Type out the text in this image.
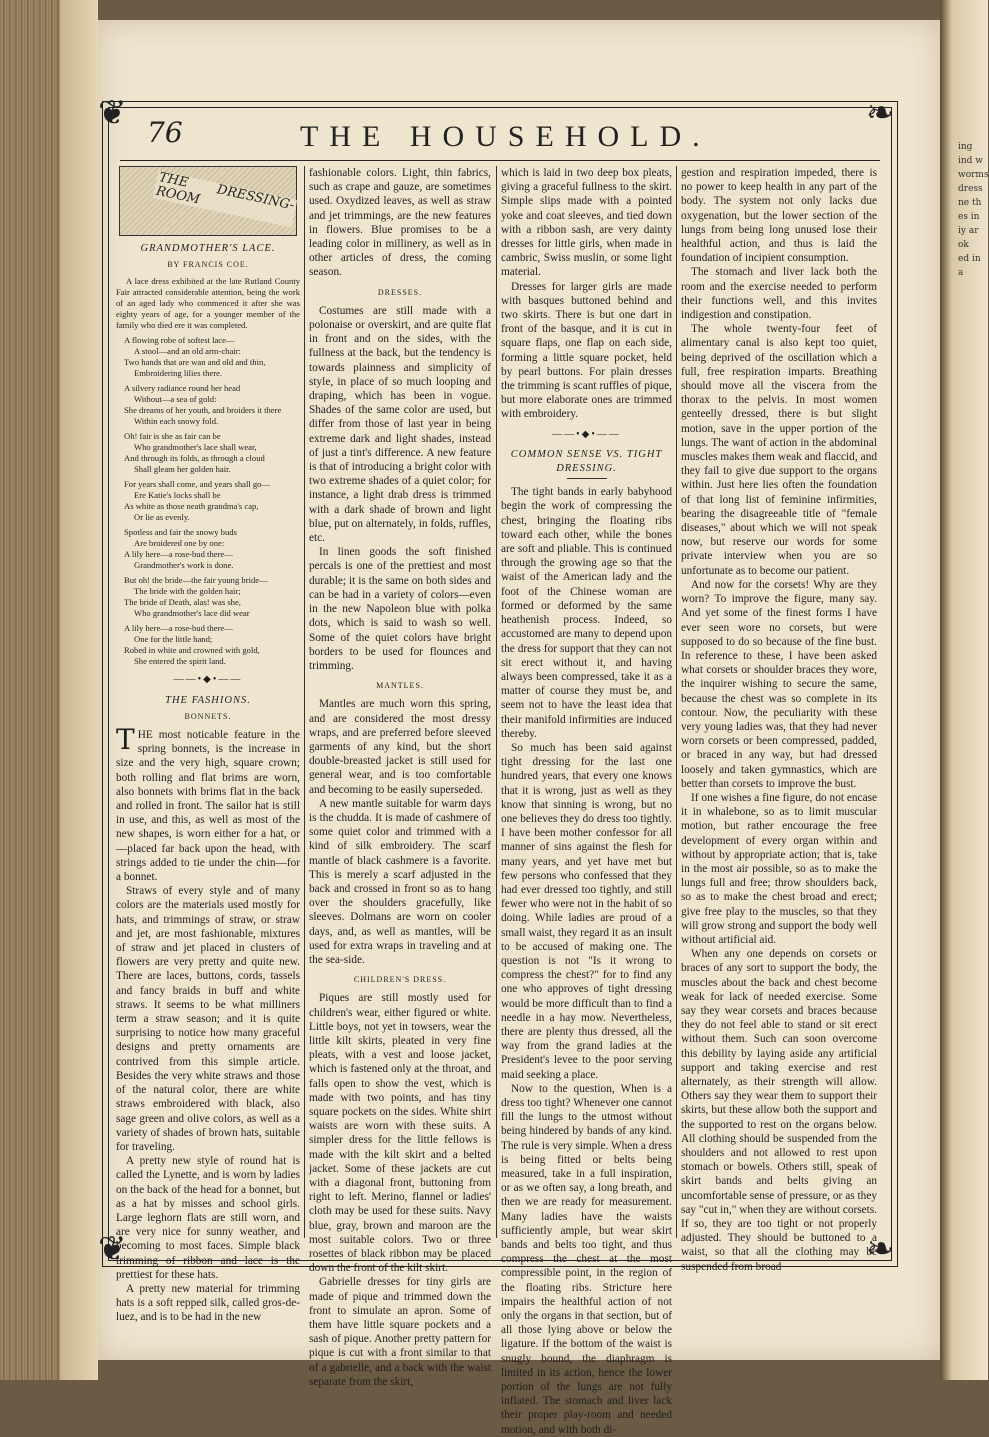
ing
ind w
worms
dress
ne th
es in
iy ar
ok
ed in
a
❦	❧
❦	❧
76	THE HOUSEHOLD.
THE DRESSING-ROOM
GRANDMOTHER'S LACE.
BY FRANCIS COE.

A lace dress exhibited at the late Rutland County Fair attracted considerable attention, being the work of an aged lady who commenced it after she was eighty years of age, for a younger member of the family who died ere it was completed.

A flowing robe of softest lace—
A stool—and an old arm-chair:
Two hands that are wan and old and thin,
Embroidering lilies there.
A silvery radiance round her head
Without—a sea of gold:
She dreams of her youth, and broiders it there
Within each snowy fold.
Oh! fair is she as fair can be
Who grandmother's lace shall wear,
And through its folds, as through a cloud
Shall gleam her golden hair.
For years shall come, and years shall go—
Ere Katie's locks shall be
As white as those neath grandma's cap,
Or lie as evenly.
Spotless and fair the snowy buds
Are broidered one by one:
A lily here—a rose-bud there—
Grandmother's work is done.
But oh! the bride—the fair young bride—
The bride with the golden hair;
The bride of Death, alas! was she,
Who grandmother's lace did wear
A lily here—a rose-bud there—
One for the little hand;
Robed in white and crowned with gold,
She entered the spirit land.
——•◆•——
THE FASHIONS.
BONNETS.

THE most noticable feature in the spring bonnets, is the increase in size and the very high, square crown; both rolling and flat brims are worn, also bonnets with brims flat in the back and rolled in front. The sailor hat is still in use, and this, as well as most of the new shapes, is worn either for a hat, or—placed far back upon the head, with strings added to tie under the chin—for a bonnet.

Straws of every style and of many colors are the materials used mostly for hats, and trimmings of straw, or straw and jet, are most fashionable, mixtures of straw and jet placed in clusters of flowers are very pretty and quite new. There are laces, buttons, cords, tassels and fancy braids in buff and white straws. It seems to be what milliners term a straw season; and it is quite surprising to notice how many graceful designs and pretty ornaments are contrived from this simple article. Besides the very white straws and those of the natural color, there are white straws embroidered with black, also sage green and olive colors, as well as a variety of shades of brown hats, suitable for traveling.

A pretty new style of round hat is called the Lynette, and is worn by ladies on the back of the head for a bonnet, but as a hat by misses and school girls. Large leghorn flats are still worn, and are very nice for sunny weather, and becoming to most faces. Simple black trimming of ribbon and lace is the prettiest for these hats.

A pretty new material for trimming hats is a soft repped silk, called gros-de-luez, and is to be had in the new

fashionable colors. Light, thin fabrics, such as crape and gauze, are sometimes used. Oxydized leaves, as well as straw and jet trimmings, are the new features in flowers. Blue promises to be a leading color in millinery, as well as in other articles of dress, the coming season.

DRESSES.

Costumes are still made with a polonaise or overskirt, and are quite flat in front and on the sides, with the fullness at the back, but the tendency is towards plainness and simplicity of style, in place of so much looping and draping, which has been in vogue. Shades of the same color are used, but differ from those of last year in being extreme dark and light shades, instead of just a tint's difference. A new feature is that of introducing a bright color with two extreme shades of a quiet color; for instance, a light drab dress is trimmed with a dark shade of brown and light blue, put on alternately, in folds, ruffles, etc.

In linen goods the soft finished percals is one of the prettiest and most durable; it is the same on both sides and can be had in a variety of colors—even in the new Napoleon blue with polka dots, which is said to wash so well. Some of the quiet colors have bright borders to be used for flounces and trimming.

MANTLES.

Mantles are much worn this spring, and are considered the most dressy wraps, and are preferred before sleeved garments of any kind, but the short double-breasted jacket is still used for general wear, and is too comfortable and becoming to be easily superseded.

A new mantle suitable for warm days is the chudda. It is made of cashmere of some quiet color and trimmed with a kind of silk embroidery. The scarf mantle of black cashmere is a favorite. This is merely a scarf adjusted in the back and crossed in front so as to hang over the shoulders gracefully, like sleeves. Dolmans are worn on cooler days, and, as well as mantles, will be used for extra wraps in traveling and at the sea-side.

CHILDREN'S DRESS.

Piques are still mostly used for children's wear, either figured or white. Little boys, not yet in towsers, wear the little kilt skirts, pleated in very fine pleats, with a vest and loose jacket, which is fastened only at the throat, and falls open to show the vest, which is made with two points, and has tiny square pockets on the sides. White shirt waists are worn with these suits. A simpler dress for the little fellows is made with the kilt skirt and a belted jacket. Some of these jackets are cut with a diagonal front, buttoning from right to left. Merino, flannel or ladies' cloth may be used for these suits. Navy blue, gray, brown and maroon are the most suitable colors. Two or three rosettes of black ribbon may be placed down the front of the kilt skirt.

Gabrielle dresses for tiny girls are made of pique and trimmed down the front to simulate an apron. Some of them have little square pockets and a sash of pique. Another pretty pattern for pique is cut with a front similar to that of a gabrielle, and a back with the waist separate from the skirt,

which is laid in two deep box pleats, giving a graceful fullness to the skirt. Simple slips made with a pointed yoke and coat sleeves, and tied down with a ribbon sash, are very dainty dresses for little girls, when made in cambric, Swiss muslin, or some light material.

Dresses for larger girls are made with basques buttoned behind and two skirts. There is but one dart in front of the basque, and it is cut in square flaps, one flap on each side, forming a little square pocket, held by pearl buttons. For plain dresses the trimming is scant ruffles of pique, but more elaborate ones are trimmed with embroidery.

——•◆•——
COMMON SENSE VS. TIGHT DRESSING.

The tight bands in early babyhood begin the work of compressing the chest, bringing the floating ribs toward each other, while the bones are soft and pliable. This is continued through the growing age so that the waist of the American lady and the foot of the Chinese woman are formed or deformed by the same heathenish process. Indeed, so accustomed are many to depend upon the dress for support that they can not sit erect without it, and having always been compressed, take it as a matter of course they must be, and seem not to have the least idea that their manifold infirmities are induced thereby.

So much has been said against tight dressing for the last one hundred years, that every one knows that it is wrong, just as well as they know that sinning is wrong, but no one believes they do dress too tightly. I have been mother confessor for all manner of sins against the flesh for many years, and yet have met but few persons who confessed that they had ever dressed too tightly, and still fewer who were not in the habit of so doing. While ladies are proud of a small waist, they regard it as an insult to be accused of making one. The question is not "Is it wrong to compress the chest?" for to find any one who approves of tight dressing would be more difficult than to find a needle in a hay mow. Nevertheless, there are plenty thus dressed, all the way from the grand ladies at the President's levee to the poor serving maid seeking a place.

Now to the question, When is a dress too tight? Whenever one cannot fill the lungs to the utmost without being hindered by bands of any kind. The rule is very simple. When a dress is being fitted or belts being measured, take in a full inspiration, or as we often say, a long breath, and then we are ready for measurement. Many ladies have the waists sufficiently ample, but wear skirt bands and belts too tight, and thus compress the chest at the most compressible point, in the region of the floating ribs. Stricture here impairs the healthful action of not only the organs in that section, but of all those lying above or below the ligature. If the bottom of the waist is snugly bound, the diaphragm is limited in its action, hence the lower portion of the lungs are not fully inflated. The stomach and liver lack their proper play-room and needed motion, and with both di-

gestion and respiration impeded, there is no power to keep health in any part of the body. The system not only lacks due oxygenation, but the lower section of the lungs from being long unused lose their healthful action, and thus is laid the foundation of incipient consumption.

The stomach and liver lack both the room and the exercise needed to perform their functions well, and this invites indigestion and constipation.

The whole twenty-four feet of alimentary canal is also kept too quiet, being deprived of the oscillation which a full, free respiration imparts. Breathing should move all the viscera from the thorax to the pelvis. In most women genteelly dressed, there is but slight motion, save in the upper portion of the lungs. The want of action in the abdominal muscles makes them weak and flaccid, and they fail to give due support to the organs within. Just here lies often the foundation of that long list of feminine infirmities, bearing the disagreeable title of "female diseases," about which we will not speak now, but reserve our words for some private interview when you are so unfortunate as to become our patient.

And now for the corsets! Why are they worn? To improve the figure, many say. And yet some of the finest forms I have ever seen wore no corsets, but were supposed to do so because of the fine bust. In reference to these, I have been asked what corsets or shoulder braces they wore, the inquirer wishing to secure the same, because the chest was so complete in its contour. Now, the peculiarity with these very young ladies was, that they had never worn corsets or been compressed, padded, or braced in any way, but had dressed loosely and taken gymnastics, which are better than corsets to improve the bust.

If one wishes a fine figure, do not encase it in whalebone, so as to limit muscular motion, but rather encourage the free development of every organ within and without by appropriate action; that is, take in the most air possible, so as to make the lungs full and free; throw shoulders back, so as to make the chest broad and erect; give free play to the muscles, so that they will grow strong and support the body well without artificial aid.

When any one depends on corsets or braces of any sort to support the body, the muscles about the back and chest become weak for lack of needed exercise. Some say they wear corsets and braces because they do not feel able to stand or sit erect without them. Such can soon overcome this debility by laying aside any artificial support and taking exercise and rest alternately, as their strength will allow. Others say they wear them to support their skirts, but these allow both the support and the supported to rest on the organs below. All clothing should be suspended from the shoulders and not allowed to rest upon stomach or bowels. Others still, speak of skirt bands and belts giving an uncomfortable sense of pressure, or as they say "cut in," when they are without corsets. If so, they are too tight or not properly adjusted. They should be buttoned to a waist, so that all the clothing may be suspended from broad
